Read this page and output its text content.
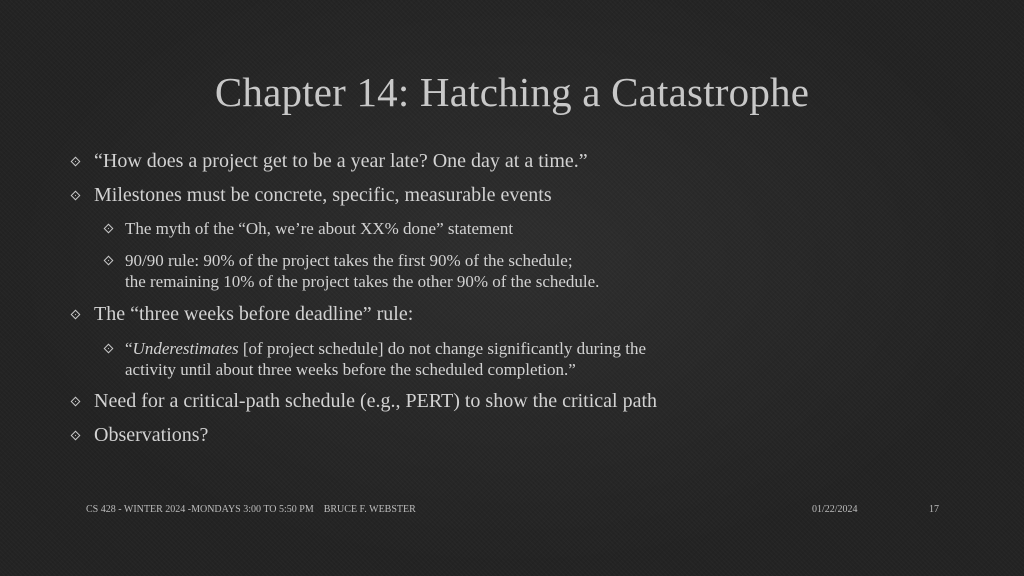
Chapter 14: Hatching a Catastrophe
“How does a project get to be a year late? One day at a time.”
Milestones must be concrete, specific, measurable events
The myth of the “Oh, we’re about XX% done” statement
90/90 rule: 90% of the project takes the first 90% of the schedule;
the remaining 10% of the project takes the other 90% of the schedule.
The “three weeks before deadline” rule:
“Underestimates [of project schedule] do not change significantly during the
activity until about three weeks before the scheduled completion.”
Need for a critical-path schedule (e.g., PERT) to show the critical path
Observations?
CS 428 - WINTER 2024 -MONDAYS 3:00 TO 5:50 PM    BRUCE F. WEBSTER	01/22/2024	17
